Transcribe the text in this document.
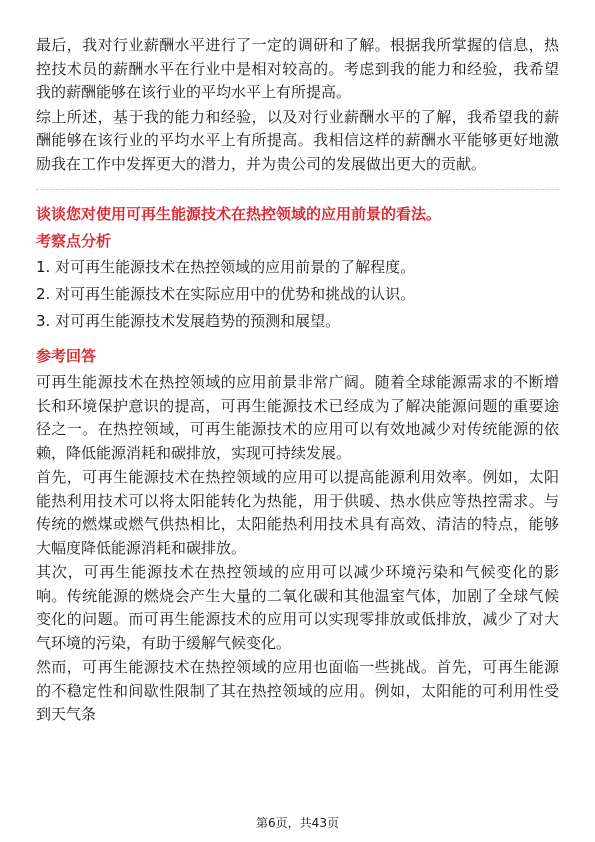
最后，我对行业薪酬水平进行了一定的调研和了解。根据我所掌握的信息，热控技术员的薪酬水平在行业中是相对较高的。考虑到我的能力和经验，我希望我的薪酬能够在该行业的平均水平上有所提高。

综上所述，基于我的能力和经验，以及对行业薪酬水平的了解，我希望我的薪酬能够在该行业的平均水平上有所提高。我相信这样的薪酬水平能够更好地激励我在工作中发挥更大的潜力，并为贵公司的发展做出更大的贡献。

谈谈您对使用可再生能源技术在热控领域的应用前景的看法。

考察点分析

1. 对可再生能源技术在热控领域的应用前景的了解程度。

2. 对可再生能源技术在实际应用中的优势和挑战的认识。

3. 对可再生能源技术发展趋势的预测和展望。

参考回答

可再生能源技术在热控领域的应用前景非常广阔。随着全球能源需求的不断增长和环境保护意识的提高，可再生能源技术已经成为了解决能源问题的重要途径之一。在热控领域，可再生能源技术的应用可以有效地减少对传统能源的依赖，降低能源消耗和碳排放，实现可持续发展。

首先，可再生能源技术在热控领域的应用可以提高能源利用效率。例如，太阳能热利用技术可以将太阳能转化为热能，用于供暖、热水供应等热控需求。与传统的燃煤或燃气供热相比，太阳能热利用技术具有高效、清洁的特点，能够大幅度降低能源消耗和碳排放。

其次，可再生能源技术在热控领域的应用可以减少环境污染和气候变化的影响。传统能源的燃烧会产生大量的二氧化碳和其他温室气体，加剧了全球气候变化的问题。而可再生能源技术的应用可以实现零排放或低排放，减少了对大气环境的污染，有助于缓解气候变化。

然而，可再生能源技术在热控领域的应用也面临一些挑战。首先，可再生能源的不稳定性和间歇性限制了其在热控领域的应用。例如，太阳能的可利用性受到天气条

第6页，共43页
